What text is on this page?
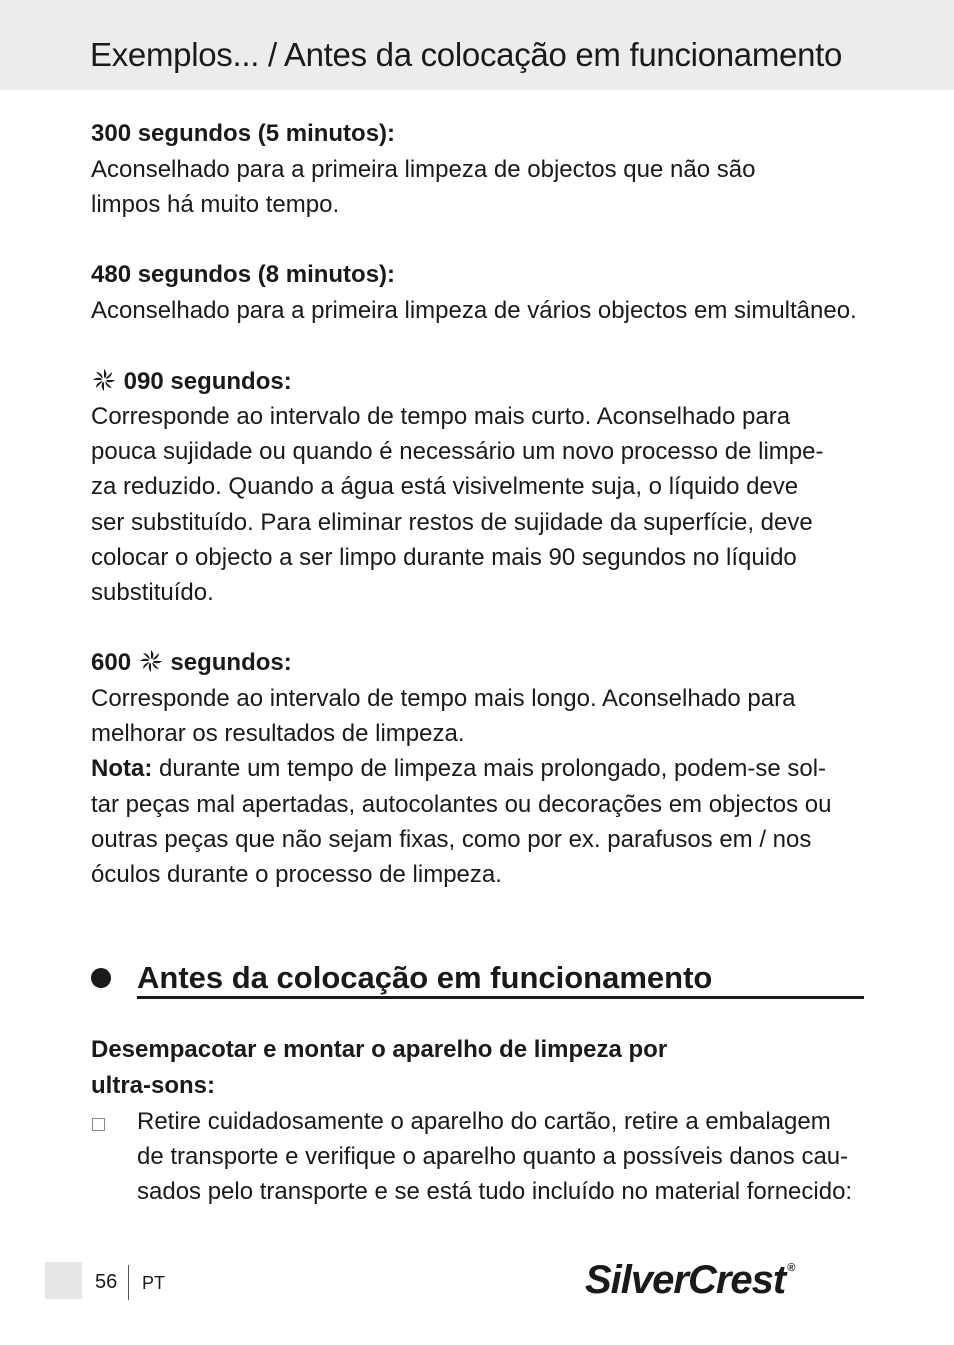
Exemplos... / Antes da colocação em funcionamento
300 segundos (5 minutos):
Aconselhado para a primeira limpeza de objectos que não são
limpos há muito tempo.
480 segundos (8 minutos):
Aconselhado para a primeira limpeza de vários objectos em simultâneo.
090 segundos:
Corresponde ao intervalo de tempo mais curto. Aconselhado para
pouca sujidade ou quando é necessário um novo processo de limpe-
za reduzido. Quando a água está visivelmente suja, o líquido deve
ser substituído. Para eliminar restos de sujidade da superfície, deve
colocar o objecto a ser limpo durante mais 90 segundos no líquido
substituído.
600 segundos:
Corresponde ao intervalo de tempo mais longo. Aconselhado para
melhorar os resultados de limpeza.
Nota: durante um tempo de limpeza mais prolongado, podem-se sol-
tar peças mal apertadas, autocolantes ou decorações em objectos ou
outras peças que não sejam fixas, como por ex. parafusos em / nos
óculos durante o processo de limpeza.
Antes da colocação em funcionamento
Desempacotar e montar o aparelho de limpeza por
ultra-sons:
Retire cuidadosamente o aparelho do cartão, retire a embalagem
de transporte e verifique o aparelho quanto a possíveis danos cau-
sados pelo transporte e se está tudo incluído no material fornecido:
56 PT	SilverCrest ®
